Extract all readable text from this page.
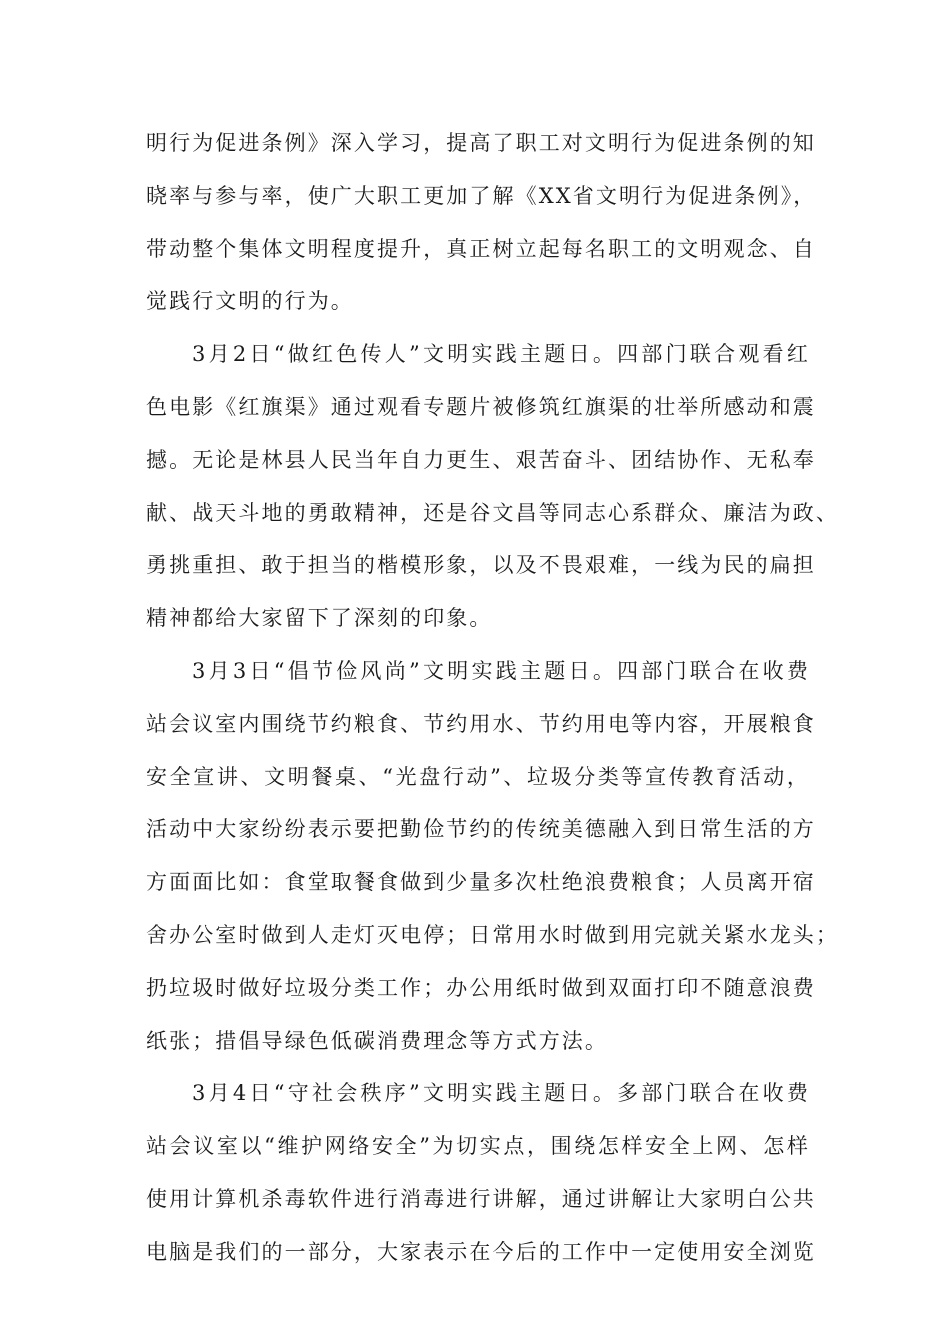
明行为促进条例》深入学习，提高了职工对文明行为促进条例的知
晓率与参与率，使广大职工更加了解《XX省文明行为促进条例》，
带动整个集体文明程度提升，真正树立起每名职工的文明观念、自
觉践行文明的行为。
3月2日“做红色传人”文明实践主题日。四部门联合观看红
色电影《红旗渠》通过观看专题片被修筑红旗渠的壮举所感动和震
撼。无论是林县人民当年自力更生、艰苦奋斗、团结协作、无私奉
献、战天斗地的勇敢精神，还是谷文昌等同志心系群众、廉洁为政、
勇挑重担、敢于担当的楷模形象，以及不畏艰难，一线为民的扁担
精神都给大家留下了深刻的印象。
3月3日“倡节俭风尚”文明实践主题日。四部门联合在收费
站会议室内围绕节约粮食、节约用水、节约用电等内容，开展粮食
安全宣讲、文明餐桌、“光盘行动”、垃圾分类等宣传教育活动，
活动中大家纷纷表示要把勤俭节约的传统美德融入到日常生活的方
方面面比如：食堂取餐食做到少量多次杜绝浪费粮食；人员离开宿
舍办公室时做到人走灯灭电停；日常用水时做到用完就关紧水龙头；
扔垃圾时做好垃圾分类工作；办公用纸时做到双面打印不随意浪费
纸张；措倡导绿色低碳消费理念等方式方法。
3月4日“守社会秩序”文明实践主题日。多部门联合在收费
站会议室以“维护网络安全”为切实点，围绕怎样安全上网、怎样
使用计算机杀毒软件进行消毒进行讲解，通过讲解让大家明白公共
电脑是我们的一部分，大家表示在今后的工作中一定使用安全浏览
